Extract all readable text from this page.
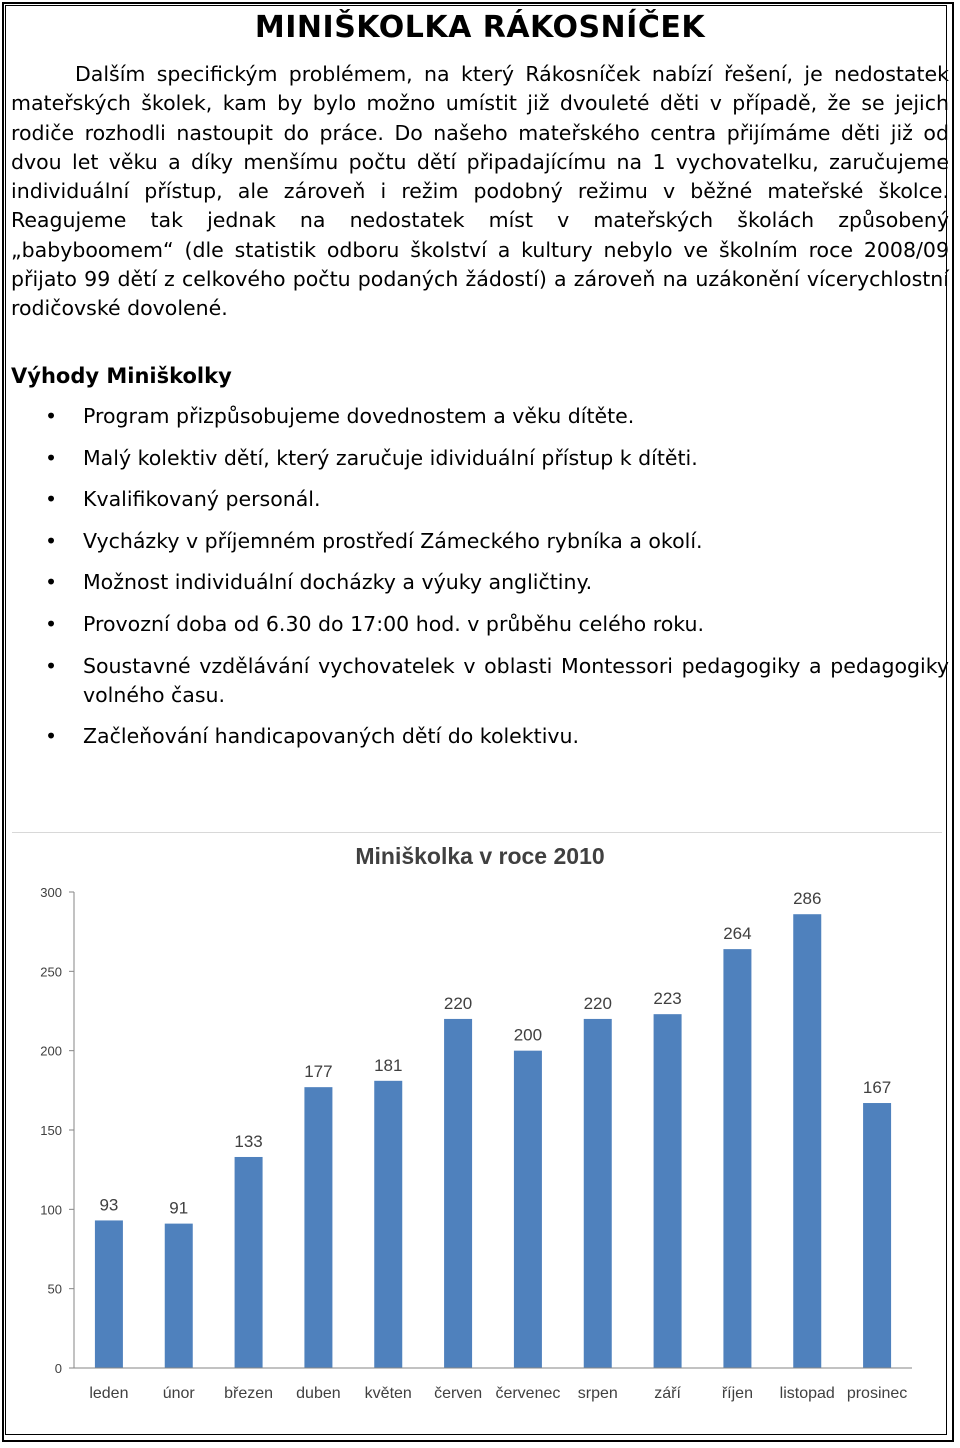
MINIŠKOLKA RÁKOSNÍČEK

Dalším specifickým problémem, na který Rákosníček nabízí řešení, je nedostatek mateřských školek, kam by bylo možno umístit již dvouleté děti v případě, že se jejich rodiče rozhodli nastoupit do práce. Do našeho mateřského centra přijímáme děti již od dvou let věku a díky menšímu počtu dětí připadajícímu na 1 vychovatelku, zaručujeme individuální přístup, ale zároveň i režim podobný režimu v běžné mateřské školce. Reagujeme tak jednak na nedostatek míst v mateřských školách způsobený „babyboomem“ (dle statistik odboru školství a kultury nebylo ve školním roce 2008/09 přijato 99 dětí z celkového počtu podaných žádostí) a zároveň na uzákonění vícerychlostní rodičovské dovolené.

Výhody Miniškolky
• Program přizpůsobujeme dovednostem a věku dítěte.
• Malý kolektiv dětí, který zaručuje idividuální přístup k dítěti.
• Kvalifikovaný personál.
• Vycházky v příjemném prostředí Zámeckého rybníka a okolí.
• Možnost individuální docházky a výuky angličtiny.
• Provozní doba od 6.30 do 17:00 hod. v průběhu celého roku.
• Soustavné vzdělávání vychovatelek v oblasti Montessori pedagogiky a pedagogiky volného času.
• Začleňování handicapovaných dětí do kolektivu.
Miniškolka v roce 2010
0
50
100
150
200
250
300
93	91
133
177 181
220
200
220 223
264
286
167
leden únor březen duben květen červen červenec srpen září	říjen listopad prosinec
